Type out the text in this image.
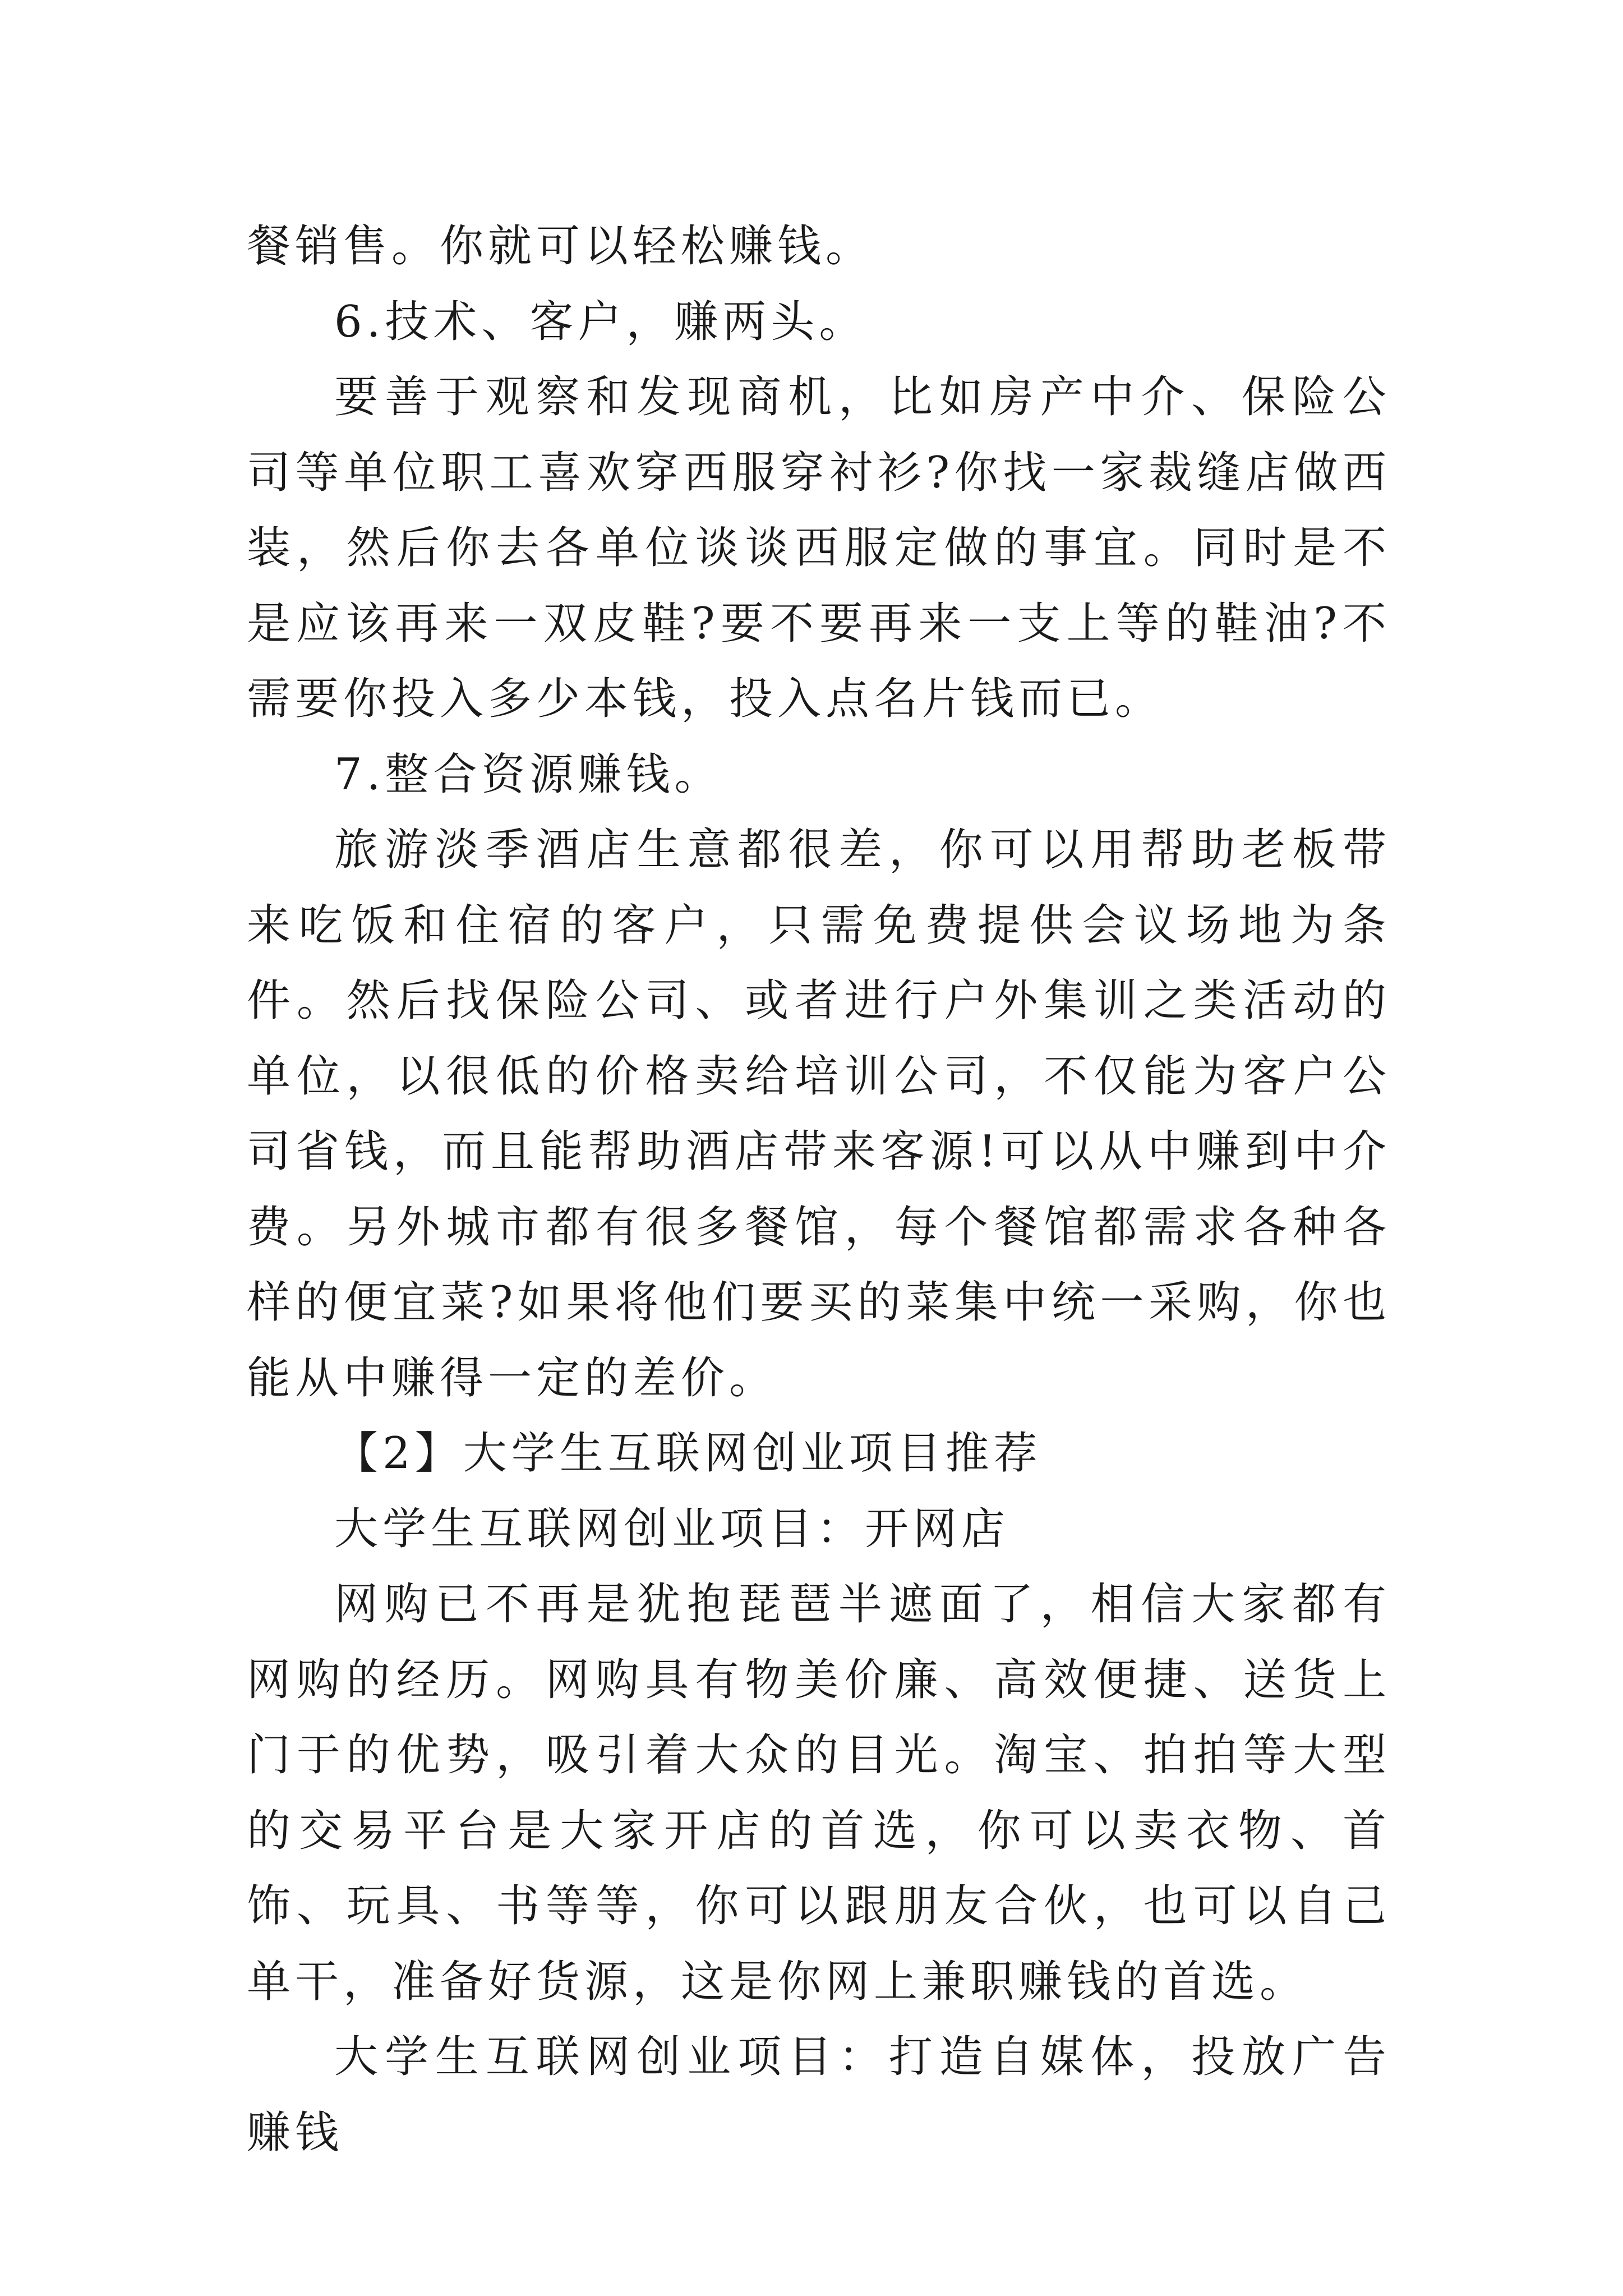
餐销售。你就可以轻松赚钱。

6.技术、客户，赚两头。

要善于观察和发现商机，比如房产中介、保险公司等单位职工喜欢穿西服穿衬衫?你找一家裁缝店做西装，然后你去各单位谈谈西服定做的事宜。同时是不是应该再来一双皮鞋?要不要再来一支上等的鞋油?不需要你投入多少本钱，投入点名片钱而已。

7.整合资源赚钱。

旅游淡季酒店生意都很差，你可以用帮助老板带来吃饭和住宿的客户，只需免费提供会议场地为条件。然后找保险公司、或者进行户外集训之类活动的单位，以很低的价格卖给培训公司，不仅能为客户公司省钱，而且能帮助酒店带来客源!可以从中赚到中介费。另外城市都有很多餐馆，每个餐馆都需求各种各样的便宜菜?如果将他们要买的菜集中统一采购，你也能从中赚得一定的差价。

【2】大学生互联网创业项目推荐

大学生互联网创业项目：开网店

网购已不再是犹抱琵琶半遮面了，相信大家都有网购的经历。网购具有物美价廉、高效便捷、送货上门于的优势，吸引着大众的目光。淘宝、拍拍等大型的交易平台是大家开店的首选，你可以卖衣物、首饰、玩具、书等等，你可以跟朋友合伙，也可以自己单干，准备好货源，这是你网上兼职赚钱的首选。

大学生互联网创业项目：打造自媒体，投放广告赚钱
